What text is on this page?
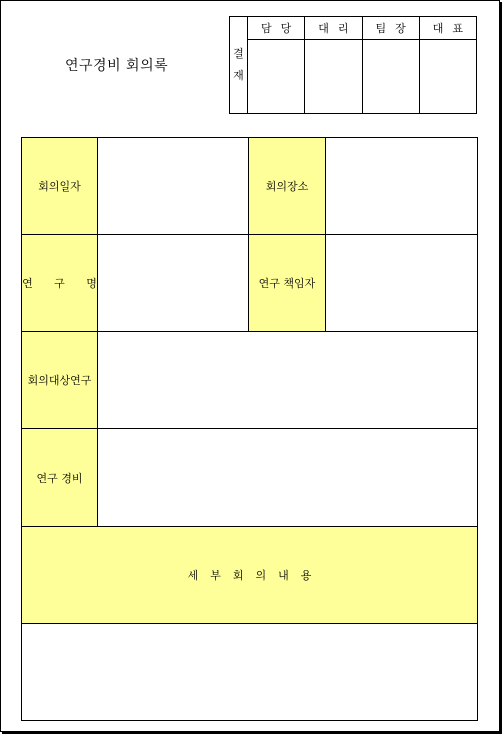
연구경비 회의록
결
재	담당	대리	팀장	대표

회의일자		회의장소	
연 구 명		연구 책임자	
회의대상연구			
연구 경비			
세부회의내용			
